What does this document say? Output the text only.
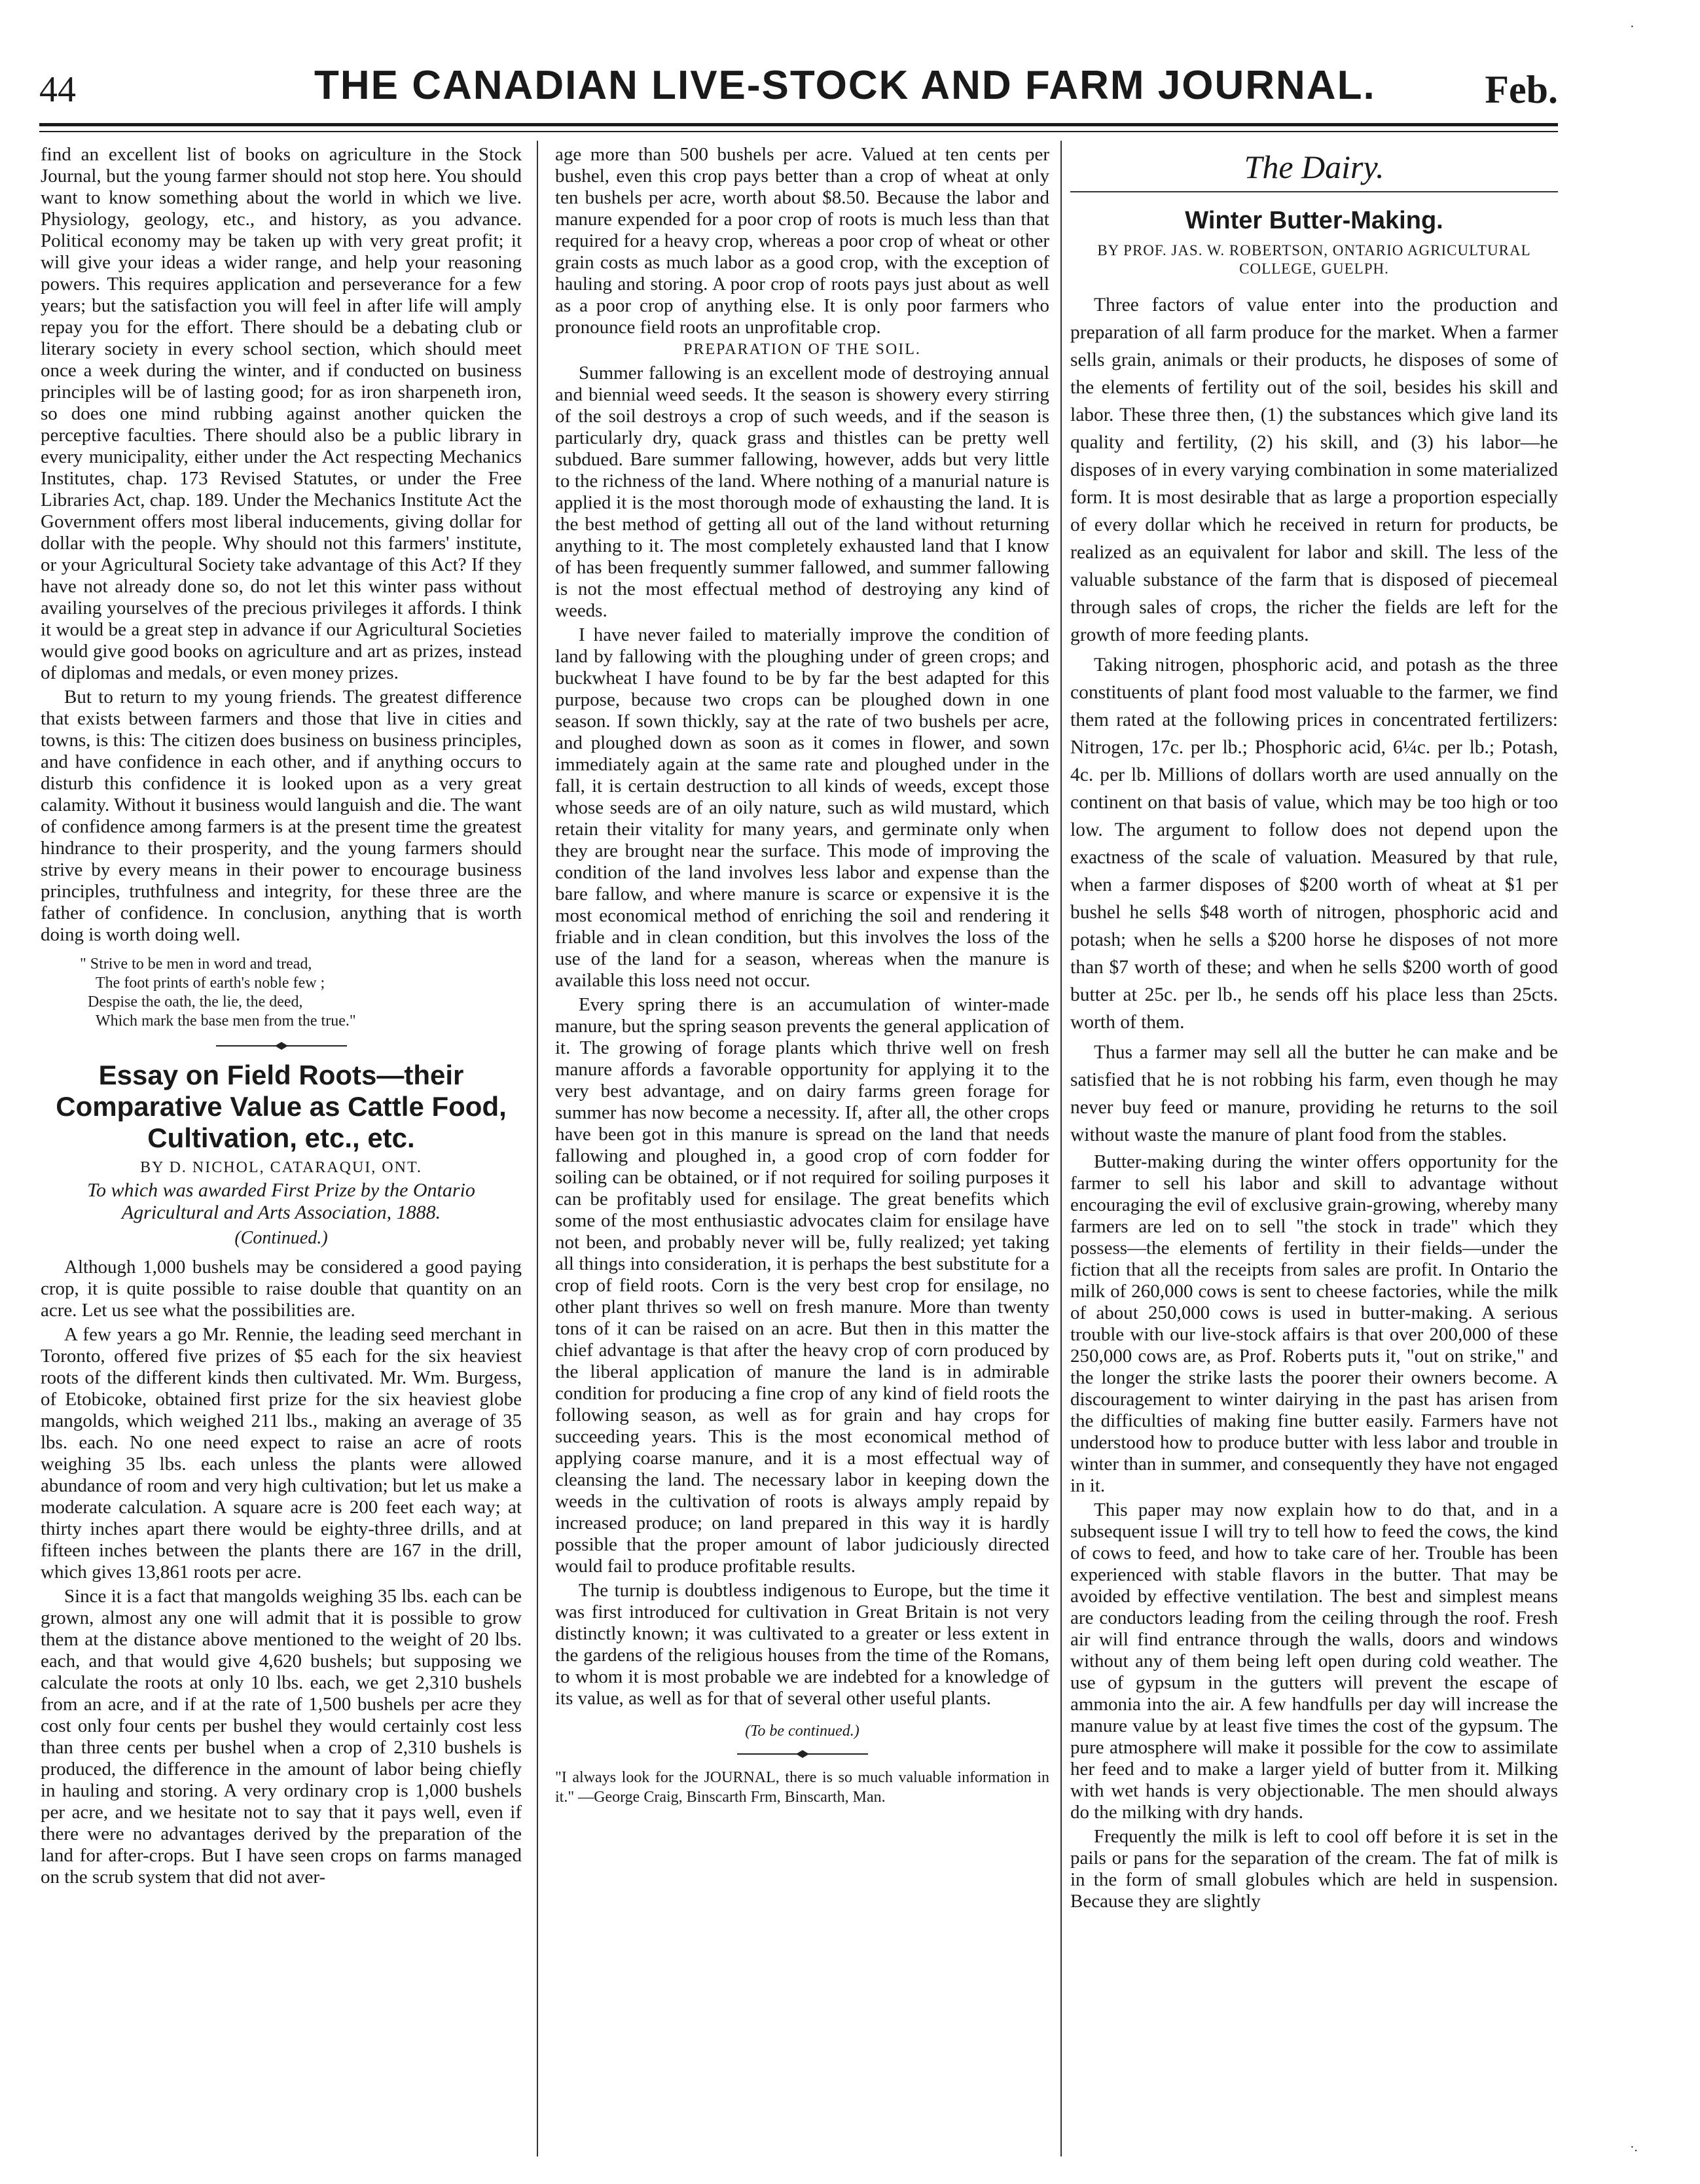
44	THE CANADIAN LIVE-STOCK AND FARM JOURNAL.	Feb.

find an excellent list of books on agriculture in the Stock Journal, but the young farmer should not stop here. You should want to know something about the world in which we live. Physiology, geology, etc., and history, as you advance. Political economy may be taken up with very great profit; it will give your ideas a wider range, and help your reasoning powers. This requires application and perseverance for a few years; but the satisfaction you will feel in after life will amply repay you for the effort. There should be a debating club or literary society in every school section, which should meet once a week during the winter, and if conducted on business principles will be of lasting good; for as iron sharpeneth iron, so does one mind rubbing against another quicken the perceptive faculties. There should also be a public library in every municipality, either under the Act respecting Mechanics Institutes, chap. 173 Revised Statutes, or under the Free Libraries Act, chap. 189. Under the Mechanics Institute Act the Government offers most liberal inducements, giving dollar for dollar with the people. Why should not this farmers' institute, or your Agricultural Society take advantage of this Act? If they have not already done so, do not let this winter pass without availing yourselves of the precious privileges it affords. I think it would be a great step in advance if our Agricultural Societies would give good books on agriculture and art as prizes, instead of diplomas and medals, or even money prizes.

But to return to my young friends. The greatest difference that exists between farmers and those that live in cities and towns, is this: The citizen does business on business principles, and have confidence in each other, and if anything occurs to disturb this confidence it is looked upon as a very great calamity. Without it business would languish and die. The want of confidence among farmers is at the present time the greatest hindrance to their prosperity, and the young farmers should strive by every means in their power to encourage business principles, truthfulness and integrity, for these three are the father of confidence. In conclusion, anything that is worth doing is worth doing well.

" Strive to be men in word and tread,
The foot prints of earth's noble few ;
Despise the oath, the lie, the deed,
Which mark the base men from the true."
Essay on Field Roots—their Comparative Value as Cattle Food, Cultivation, etc., etc.
BY D. NICHOL, CATARAQUI, ONT.
To which was awarded First Prize by the Ontario Agricultural and Arts Association, 1888.
(Continued.)

Although 1,000 bushels may be considered a good paying crop, it is quite possible to raise double that quantity on an acre. Let us see what the possibilities are.

A few years a go Mr. Rennie, the leading seed merchant in Toronto, offered five prizes of $5 each for the six heaviest roots of the different kinds then cultivated. Mr. Wm. Burgess, of Etobicoke, obtained first prize for the six heaviest globe mangolds, which weighed 211 lbs., making an average of 35 lbs. each. No one need expect to raise an acre of roots weighing 35 lbs. each unless the plants were allowed abundance of room and very high cultivation; but let us make a moderate calculation. A square acre is 200 feet each way; at thirty inches apart there would be eighty-three drills, and at fifteen inches between the plants there are 167 in the drill, which gives 13,861 roots per acre.

Since it is a fact that mangolds weighing 35 lbs. each can be grown, almost any one will admit that it is possible to grow them at the distance above mentioned to the weight of 20 lbs. each, and that would give 4,620 bushels; but supposing we calculate the roots at only 10 lbs. each, we get 2,310 bushels from an acre, and if at the rate of 1,500 bushels per acre they cost only four cents per bushel they would certainly cost less than three cents per bushel when a crop of 2,310 bushels is produced, the difference in the amount of labor being chiefly in hauling and storing. A very ordinary crop is 1,000 bushels per acre, and we hesitate not to say that it pays well, even if there were no advantages derived by the preparation of the land for after-crops. But I have seen crops on farms managed on the scrub system that did not aver-

age more than 500 bushels per acre. Valued at ten cents per bushel, even this crop pays better than a crop of wheat at only ten bushels per acre, worth about $8.50. Because the labor and manure expended for a poor crop of roots is much less than that required for a heavy crop, whereas a poor crop of wheat or other grain costs as much labor as a good crop, with the exception of hauling and storing. A poor crop of roots pays just about as well as a poor crop of anything else. It is only poor farmers who pronounce field roots an unprofitable crop.

PREPARATION OF THE SOIL.

Summer fallowing is an excellent mode of destroying annual and biennial weed seeds. It the season is showery every stirring of the soil destroys a crop of such weeds, and if the season is particularly dry, quack grass and thistles can be pretty well subdued. Bare summer fallowing, however, adds but very little to the richness of the land. Where nothing of a manurial nature is applied it is the most thorough mode of exhausting the land. It is the best method of getting all out of the land without returning anything to it. The most completely exhausted land that I know of has been frequently summer fallowed, and summer fallowing is not the most effectual method of destroying any kind of weeds.

I have never failed to materially improve the condition of land by fallowing with the ploughing under of green crops; and buckwheat I have found to be by far the best adapted for this purpose, because two crops can be ploughed down in one season. If sown thickly, say at the rate of two bushels per acre, and ploughed down as soon as it comes in flower, and sown immediately again at the same rate and ploughed under in the fall, it is certain destruction to all kinds of weeds, except those whose seeds are of an oily nature, such as wild mustard, which retain their vitality for many years, and germinate only when they are brought near the surface. This mode of improving the condition of the land involves less labor and expense than the bare fallow, and where manure is scarce or expensive it is the most economical method of enriching the soil and rendering it friable and in clean condition, but this involves the loss of the use of the land for a season, whereas when the manure is available this loss need not occur.

Every spring there is an accumulation of winter-made manure, but the spring season prevents the general application of it. The growing of forage plants which thrive well on fresh manure affords a favorable opportunity for applying it to the very best advantage, and on dairy farms green forage for summer has now become a necessity. If, after all, the other crops have been got in this manure is spread on the land that needs fallowing and ploughed in, a good crop of corn fodder for soiling can be obtained, or if not required for soiling purposes it can be profitably used for ensilage. The great benefits which some of the most enthusiastic advocates claim for ensilage have not been, and probably never will be, fully realized; yet taking all things into consideration, it is perhaps the best substitute for a crop of field roots. Corn is the very best crop for ensilage, no other plant thrives so well on fresh manure. More than twenty tons of it can be raised on an acre. But then in this matter the chief advantage is that after the heavy crop of corn produced by the liberal application of manure the land is in admirable condition for producing a fine crop of any kind of field roots the following season, as well as for grain and hay crops for succeeding years. This is the most economical method of applying coarse manure, and it is a most effectual way of cleansing the land. The necessary labor in keeping down the weeds in the cultivation of roots is always amply repaid by increased produce; on land prepared in this way it is hardly possible that the proper amount of labor judiciously directed would fail to produce profitable results.

The turnip is doubtless indigenous to Europe, but the time it was first introduced for cultivation in Great Britain is not very distinctly known; it was cultivated to a greater or less extent in the gardens of the religious houses from the time of the Romans, to whom it is most probable we are indebted for a knowledge of its value, as well as for that of several other useful plants.

(To be continued.)
"I always look for the JOURNAL, there is so much valuable information in it." —George Craig, Binscarth Frm, Binscarth, Man.
The Dairy.
Winter Butter-Making.
BY PROF. JAS. W. ROBERTSON, ONTARIO AGRICULTURAL COLLEGE, GUELPH.

Three factors of value enter into the production and preparation of all farm produce for the market. When a farmer sells grain, animals or their products, he disposes of some of the elements of fertility out of the soil, besides his skill and labor. These three then, (1) the substances which give land its quality and fertility, (2) his skill, and (3) his labor—he disposes of in every varying combination in some materialized form. It is most desirable that as large a proportion especially of every dollar which he received in return for products, be realized as an equivalent for labor and skill. The less of the valuable substance of the farm that is disposed of piecemeal through sales of crops, the richer the fields are left for the growth of more feeding plants.

Taking nitrogen, phosphoric acid, and potash as the three constituents of plant food most valuable to the farmer, we find them rated at the following prices in concentrated fertilizers: Nitrogen, 17c. per lb.; Phosphoric acid, 6¼c. per lb.; Potash, 4c. per lb. Millions of dollars worth are used annually on the continent on that basis of value, which may be too high or too low. The argument to follow does not depend upon the exactness of the scale of valuation. Measured by that rule, when a farmer disposes of $200 worth of wheat at $1 per bushel he sells $48 worth of nitrogen, phosphoric acid and potash; when he sells a $200 horse he disposes of not more than $7 worth of these; and when he sells $200 worth of good butter at 25c. per lb., he sends off his place less than 25cts. worth of them.

Thus a farmer may sell all the butter he can make and be satisfied that he is not robbing his farm, even though he may never buy feed or manure, providing he returns to the soil without waste the manure of plant food from the stables.

Butter-making during the winter offers opportunity for the farmer to sell his labor and skill to advantage without encouraging the evil of exclusive grain-growing, whereby many farmers are led on to sell "the stock in trade" which they possess—the elements of fertility in their fields—under the fiction that all the receipts from sales are profit. In Ontario the milk of 260,000 cows is sent to cheese factories, while the milk of about 250,000 cows is used in butter-making. A serious trouble with our live-stock affairs is that over 200,000 of these 250,000 cows are, as Prof. Roberts puts it, "out on strike," and the longer the strike lasts the poorer their owners become. A discouragement to winter dairying in the past has arisen from the difficulties of making fine butter easily. Farmers have not understood how to produce butter with less labor and trouble in winter than in summer, and consequently they have not engaged in it.

This paper may now explain how to do that, and in a subsequent issue I will try to tell how to feed the cows, the kind of cows to feed, and how to take care of her. Trouble has been experienced with stable flavors in the butter. That may be avoided by effective ventilation. The best and simplest means are conductors leading from the ceiling through the roof. Fresh air will find entrance through the walls, doors and windows without any of them being left open during cold weather. The use of gypsum in the gutters will prevent the escape of ammonia into the air. A few handfulls per day will increase the manure value by at least five times the cost of the gypsum. The pure atmosphere will make it possible for the cow to assimilate her feed and to make a larger yield of butter from it. Milking with wet hands is very objectionable. The men should always do the milking with dry hands.

Frequently the milk is left to cool off before it is set in the pails or pans for the separation of the cream. The fat of milk is in the form of small globules which are held in suspension. Because they are slightly

·
·.
